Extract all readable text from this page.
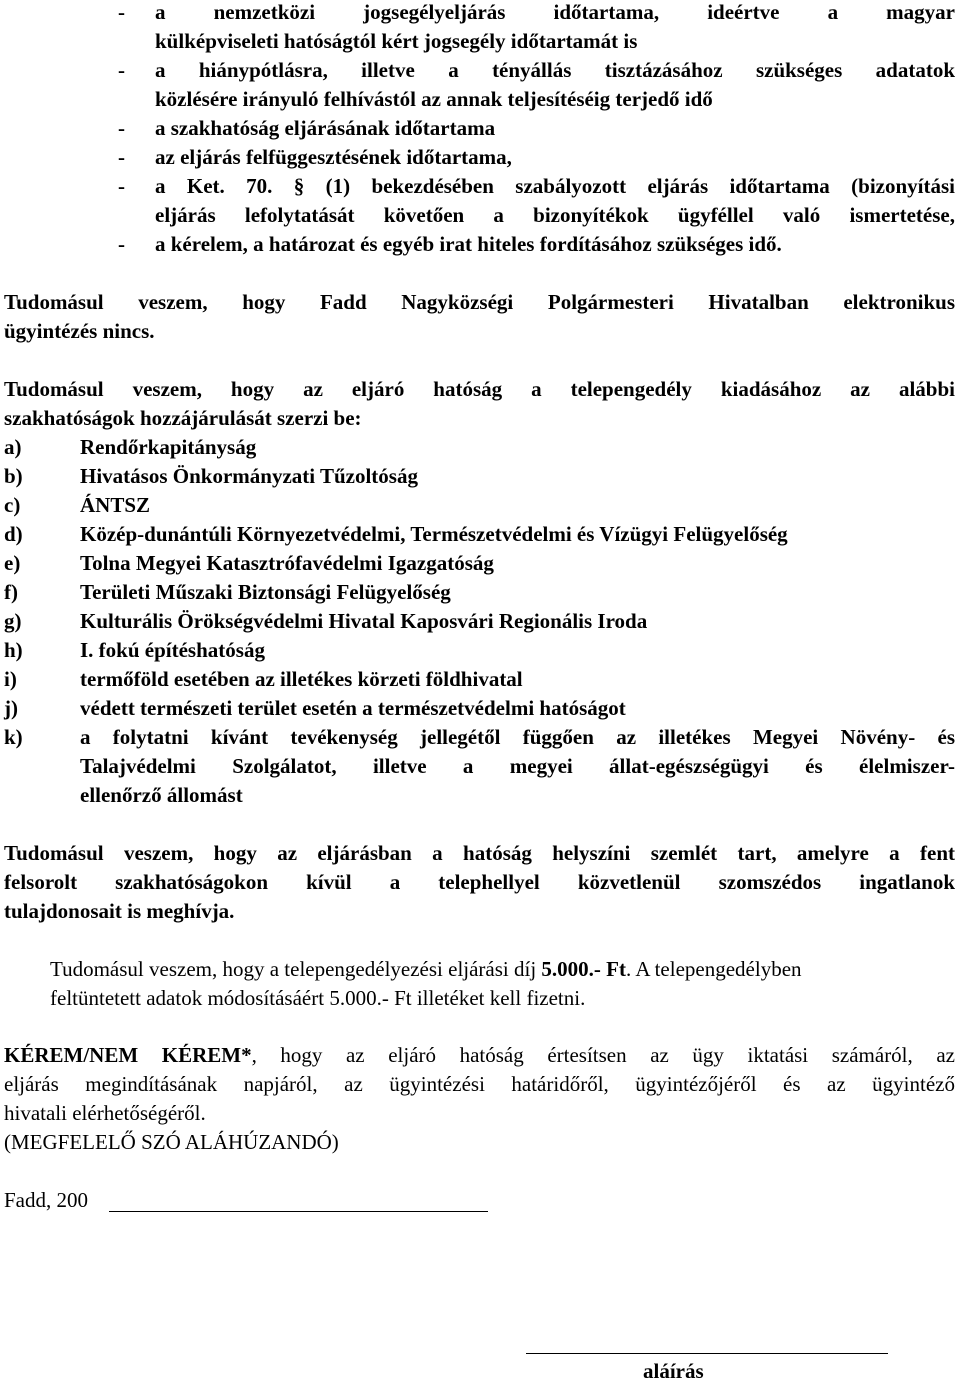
- a nemzetközi jogsegélyeljárás időtartama, ideértve a magyar
külképviseleti hatóságtól kért jogsegély időtartamát is
- a hiánypótlásra, illetve a tényállás tisztázásához szükséges adatatok
közlésére irányuló felhívástól az annak teljesítéséig terjedő idő
- a szakhatóság eljárásának időtartama
- az eljárás felfüggesztésének időtartama,
- a Ket. 70. § (1) bekezdésében szabályozott eljárás időtartama (bizonyítási
eljárás lefolytatását követően a bizonyítékok ügyféllel való ismertetése,
- a kérelem, a határozat és egyéb irat hiteles fordításához szükséges idő.
Tudomásul veszem, hogy Fadd Nagyközségi Polgármesteri Hivatalban elektronikus
ügyintézés nincs.
Tudomásul veszem, hogy az eljáró hatóság a telepengedély kiadásához az alábbi
szakhatóságok hozzájárulását szerzi be:
a)	Rendőrkapitányság
b)	Hivatásos Önkormányzati Tűzoltóság
c)	ÁNTSZ
d)	Közép-dunántúli Környezetvédelmi, Természetvédelmi és Vízügyi Felügyelőség
e)	Tolna Megyei Katasztrófavédelmi Igazgatóság
f)	Területi Műszaki Biztonsági Felügyelőség
g)	Kulturális Örökségvédelmi Hivatal Kaposvári Regionális Iroda
h)	I. fokú építéshatóság
i)	termőföld esetében az illetékes körzeti földhivatal
j)	védett természeti terület esetén a természetvédelmi hatóságot
k)	a folytatni kívánt tevékenység jellegétől függően az illetékes Megyei Növény- és
Talajvédelmi Szolgálatot, illetve a megyei állat-egészségügyi és élelmiszer-
ellenőrző állomást
Tudomásul veszem, hogy az eljárásban a hatóság helyszíni szemlét tart, amelyre a fent
felsorolt szakhatóságokon kívül a telephellyel közvetlenül szomszédos ingatlanok
tulajdonosait is meghívja.
Tudomásul veszem, hogy a telepengedélyezési eljárási díj 5.000.- Ft. A telepengedélyben
feltüntetett adatok módosításáért 5.000.- Ft illetéket kell fizetni.
KÉREM/NEM KÉREM*, hogy az eljáró hatóság értesítsen az ügy iktatási számáról, az
eljárás megindításának napjáról, az ügyintézési határidőről, ügyintézőjéről és az ügyintéző
hivatali elérhetőségéről.
(MEGFELELŐ SZÓ ALÁHÚZANDÓ)
Fadd, 200
aláírás
